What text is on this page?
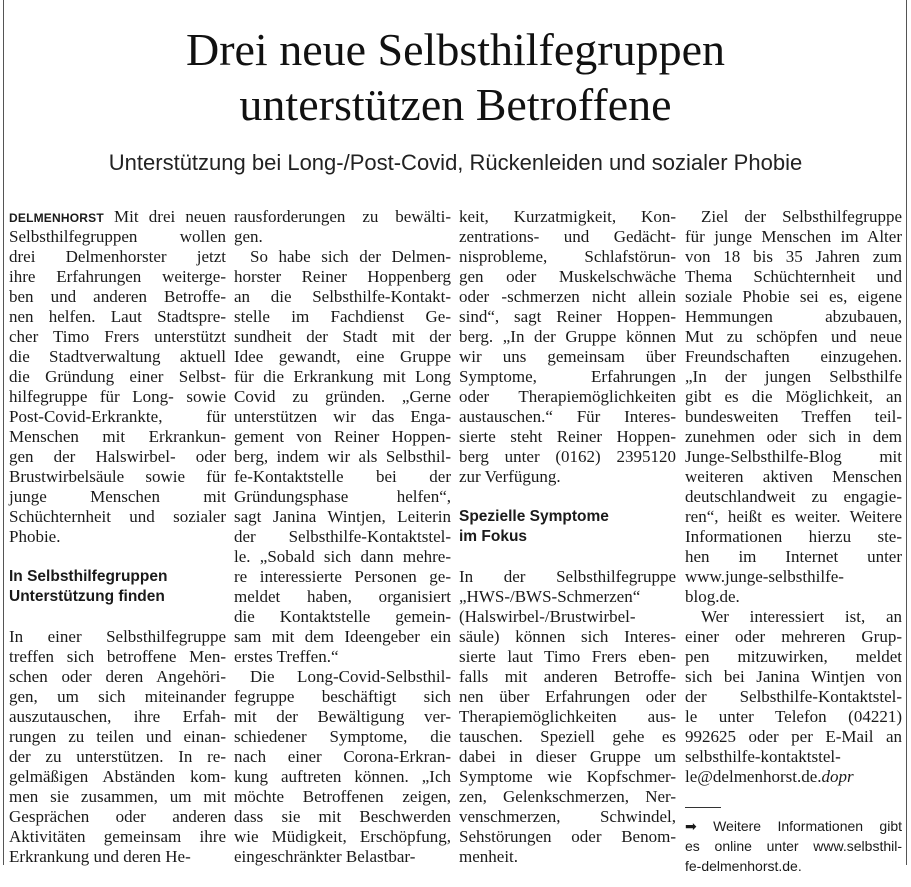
Drei neue Selbsthilfegruppen
unterstützen Betroffene
Unterstützung bei Long-/Post-Covid, Rückenleiden und sozialer Phobie
DELMENHORST Mit drei neuen
Selbsthilfegruppen wollen
drei Delmenhorster jetzt
ihre Erfahrungen weiterge-
ben und anderen Betroffe-
nen helfen. Laut Stadtspre-
cher Timo Frers unterstützt
die Stadtverwaltung aktuell
die Gründung einer Selbst-
hilfegruppe für Long- sowie
Post-Covid-Erkrankte, für
Menschen mit Erkrankun-
gen der Halswirbel- oder
Brustwirbelsäule sowie für
junge Menschen mit
Schüchternheit und sozialer
Phobie.
In Selbsthilfegruppen
Unterstützung finden
In einer Selbsthilfegruppe
treffen sich betroffene Men-
schen oder deren Angehöri-
gen, um sich miteinander
auszutauschen, ihre Erfah-
rungen zu teilen und einan-
der zu unterstützen. In re-
gelmäßigen Abständen kom-
men sie zusammen, um mit
Gesprächen oder anderen
Aktivitäten gemeinsam ihre
Erkrankung und deren He-
rausforderungen zu bewälti-
gen.
So habe sich der Delmen-
horster Reiner Hoppenberg
an die Selbsthilfe-Kontakt-
stelle im Fachdienst Ge-
sundheit der Stadt mit der
Idee gewandt, eine Gruppe
für die Erkrankung mit Long
Covid zu gründen. „Gerne
unterstützen wir das Enga-
gement von Reiner Hoppen-
berg, indem wir als Selbsthil-
fe-Kontaktstelle bei der
Gründungsphase helfen“,
sagt Janina Wintjen, Leiterin
der Selbsthilfe-Kontaktstel-
le. „Sobald sich dann mehre-
re interessierte Personen ge-
meldet haben, organisiert
die Kontaktstelle gemein-
sam mit dem Ideengeber ein
erstes Treffen.“
Die Long-Covid-Selbsthil-
fegruppe beschäftigt sich
mit der Bewältigung ver-
schiedener Symptome, die
nach einer Corona-Erkran-
kung auftreten können. „Ich
möchte Betroffenen zeigen,
dass sie mit Beschwerden
wie Müdigkeit, Erschöpfung,
eingeschränkter Belastbar-
keit, Kurzatmigkeit, Kon-
zentrations- und Gedächt-
nisprobleme, Schlafstörun-
gen oder Muskelschwäche
oder -schmerzen nicht allein
sind“, sagt Reiner Hoppen-
berg. „In der Gruppe können
wir uns gemeinsam über
Symptome, Erfahrungen
oder Therapiemöglichkeiten
austauschen.“ Für Interes-
sierte steht Reiner Hoppen-
berg unter (0162) 2395120
zur Verfügung.
Spezielle Symptome
im Fokus
In der Selbsthilfegruppe
„HWS-/BWS-Schmerzen“
(Halswirbel-/Brustwirbel-
säule) können sich Interes-
sierte laut Timo Frers eben-
falls mit anderen Betroffe-
nen über Erfahrungen oder
Therapiemöglichkeiten aus-
tauschen. Speziell gehe es
dabei in dieser Gruppe um
Symptome wie Kopfschmer-
zen, Gelenkschmerzen, Ner-
venschmerzen, Schwindel,
Sehstörungen oder Benom-
menheit.
Ziel der Selbsthilfegruppe
für junge Menschen im Alter
von 18 bis 35 Jahren zum
Thema Schüchternheit und
soziale Phobie sei es, eigene
Hemmungen abzubauen,
Mut zu schöpfen und neue
Freundschaften einzugehen.
„In der jungen Selbsthilfe
gibt es die Möglichkeit, an
bundesweiten Treffen teil-
zunehmen oder sich in dem
Junge-Selbsthilfe-Blog mit
weiteren aktiven Menschen
deutschlandweit zu engagie-
ren“, heißt es weiter. Weitere
Informationen hierzu ste-
hen im Internet unter
www.junge-selbsthilfe-
blog.de.
Wer interessiert ist, an
einer oder mehreren Grup-
pen mitzuwirken, meldet
sich bei Janina Wintjen von
der Selbsthilfe-Kontaktstel-
le unter Telefon (04221)
992625 oder per E-Mail an
selbsthilfe-kontaktstel-
le@delmenhorst.de.dopr
➡ Weitere Informationen gibt
es online unter www.selbsthil-
fe-delmenhorst.de.
